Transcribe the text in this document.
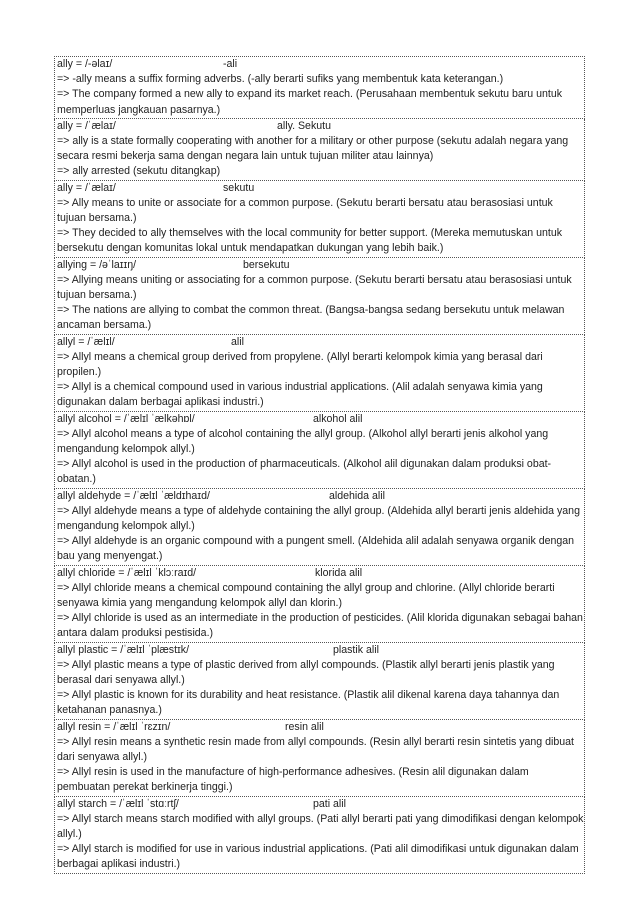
ally = /-əlaɪ/	-ali
=> -ally means a suffix forming adverbs. (-ally berarti sufiks yang membentuk kata keterangan.)
=> The company formed a new ally to expand its market reach. (Perusahaan membentuk sekutu baru untuk memperluas jangkauan pasarnya.)
ally = /ˈælaɪ/	ally. Sekutu
=> ally is a state formally cooperating with another for a military or other purpose (sekutu adalah negara yang secara resmi bekerja sama dengan negara lain untuk tujuan militer atau lainnya)
=> ally arrested (sekutu ditangkap)
ally = /ˈælaɪ/	sekutu
=> Ally means to unite or associate for a common purpose. (Sekutu berarti bersatu atau berasosiasi untuk tujuan bersama.)
=> They decided to ally themselves with the local community for better support. (Mereka memutuskan untuk bersekutu dengan komunitas lokal untuk mendapatkan dukungan yang lebih baik.)
allying = /əˈlaɪɪŋ/	bersekutu
=> Allying means uniting or associating for a common purpose. (Sekutu berarti bersatu atau berasosiasi untuk tujuan bersama.)
=> The nations are allying to combat the common threat. (Bangsa-bangsa sedang bersekutu untuk melawan ancaman bersama.)
allyl = /ˈælɪl/	alil
=> Allyl means a chemical group derived from propylene. (Allyl berarti kelompok kimia yang berasal dari propilen.)
=> Allyl is a chemical compound used in various industrial applications. (Alil adalah senyawa kimia yang digunakan dalam berbagai aplikasi industri.)
allyl alcohol = /ˈælɪl ˈælkəhɒl/	alkohol alil
=> Allyl alcohol means a type of alcohol containing the allyl group. (Alkohol allyl berarti jenis alkohol yang mengandung kelompok allyl.)
=> Allyl alcohol is used in the production of pharmaceuticals. (Alkohol alil digunakan dalam produksi obat-obatan.)
allyl aldehyde = /ˈælɪl ˈældɪhaɪd/	aldehida alil
=> Allyl aldehyde means a type of aldehyde containing the allyl group. (Aldehida allyl berarti jenis aldehida yang mengandung kelompok allyl.)
=> Allyl aldehyde is an organic compound with a pungent smell. (Aldehida alil adalah senyawa organik dengan bau yang menyengat.)
allyl chloride = /ˈælɪl ˈklɔːraɪd/	klorida alil
=> Allyl chloride means a chemical compound containing the allyl group and chlorine. (Allyl chloride berarti senyawa kimia yang mengandung kelompok allyl dan klorin.)
=> Allyl chloride is used as an intermediate in the production of pesticides. (Alil klorida digunakan sebagai bahan antara dalam produksi pestisida.)
allyl plastic = /ˈælɪl ˈplæstɪk/	plastik alil
=> Allyl plastic means a type of plastic derived from allyl compounds. (Plastik allyl berarti jenis plastik yang berasal dari senyawa allyl.)
=> Allyl plastic is known for its durability and heat resistance. (Plastik alil dikenal karena daya tahannya dan ketahanan panasnya.)
allyl resin = /ˈælɪl ˈrɛzɪn/	resin alil
=> Allyl resin means a synthetic resin made from allyl compounds. (Resin allyl berarti resin sintetis yang dibuat dari senyawa allyl.)
=> Allyl resin is used in the manufacture of high-performance adhesives. (Resin alil digunakan dalam pembuatan perekat berkinerja tinggi.)
allyl starch = /ˈælɪl ˈstɑːrtʃ/	pati alil
=> Allyl starch means starch modified with allyl groups. (Pati allyl berarti pati yang dimodifikasi dengan kelompok allyl.)
=> Allyl starch is modified for use in various industrial applications. (Pati alil dimodifikasi untuk digunakan dalam berbagai aplikasi industri.)
